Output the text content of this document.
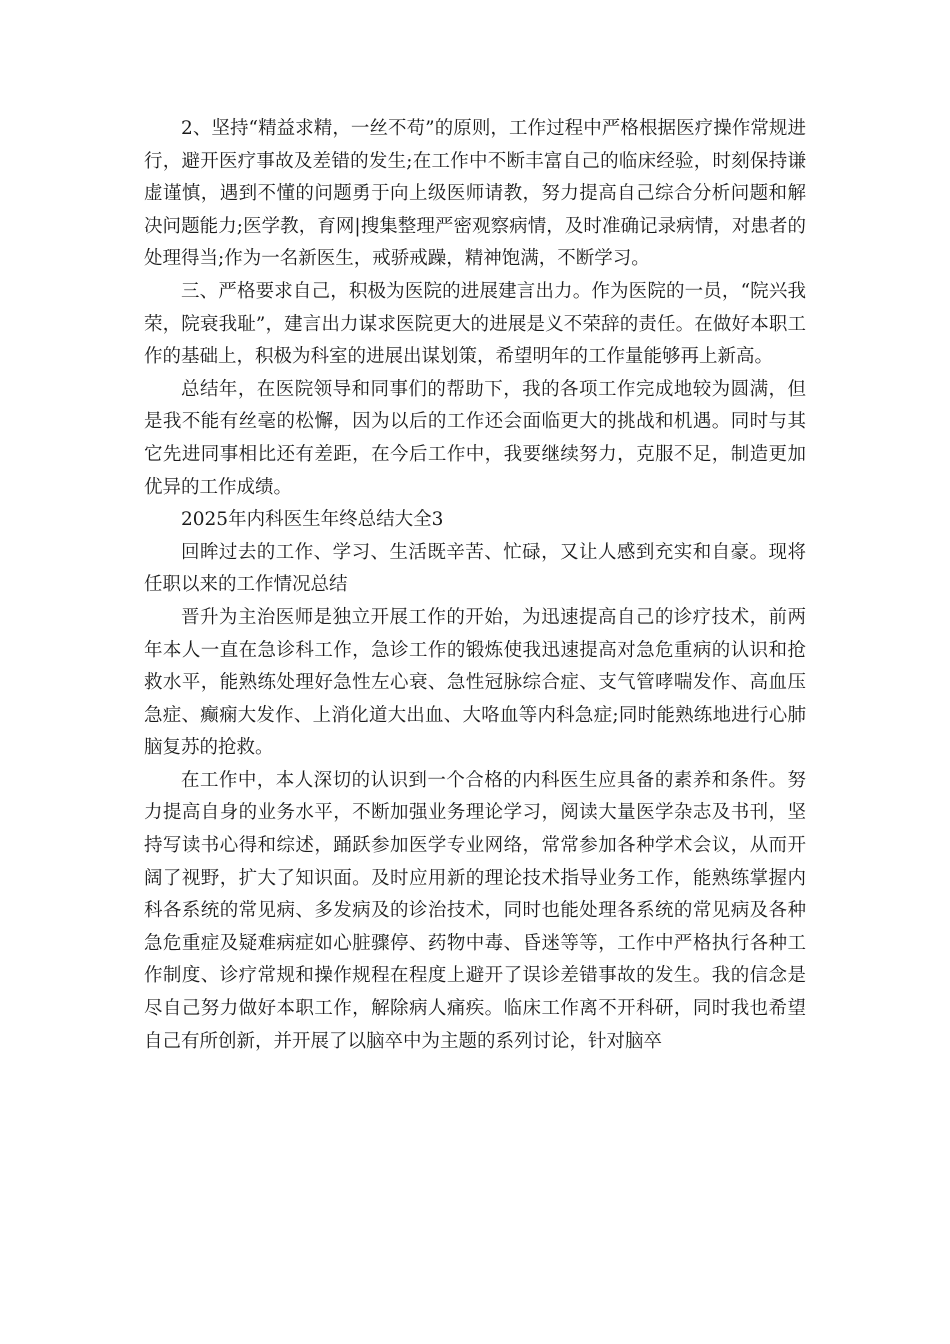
2、坚持“精益求精，一丝不苟”的原则，工作过程中严格根据医疗操作常规进行，避开医疗事故及差错的发生;在工作中不断丰富自己的临床经验，时刻保持谦虚谨慎，遇到不懂的问题勇于向上级医师请教，努力提高自己综合分析问题和解决问题能力;医学教，育网|搜集整理严密观察病情，及时准确记录病情，对患者的处理得当;作为一名新医生，戒骄戒躁，精神饱满，不断学习。

三、严格要求自己，积极为医院的进展建言出力。作为医院的一员，“院兴我荣，院衰我耻”，建言出力谋求医院更大的进展是义不荣辞的责任。在做好本职工作的基础上，积极为科室的进展出谋划策，希望明年的工作量能够再上新高。

总结年，在医院领导和同事们的帮助下，我的各项工作完成地较为圆满，但是我不能有丝毫的松懈，因为以后的工作还会面临更大的挑战和机遇。同时与其它先进同事相比还有差距，在今后工作中，我要继续努力，克服不足，制造更加优异的工作成绩。

2025年内科医生年终总结大全3

回眸过去的工作、学习、生活既辛苦、忙碌，又让人感到充实和自豪。现将任职以来的工作情况总结

晋升为主治医师是独立开展工作的开始，为迅速提高自己的诊疗技术，前两年本人一直在急诊科工作，急诊工作的锻炼使我迅速提高对急危重病的认识和抢救水平，能熟练处理好急性左心衰、急性冠脉综合症、支气管哮喘发作、高血压急症、癫痫大发作、上消化道大出血、大咯血等内科急症;同时能熟练地进行心肺脑复苏的抢救。

在工作中，本人深切的认识到一个合格的内科医生应具备的素养和条件。努力提高自身的业务水平，不断加强业务理论学习，阅读大量医学杂志及书刊，坚持写读书心得和综述，踊跃参加医学专业网络，常常参加各种学术会议，从而开阔了视野，扩大了知识面。及时应用新的理论技术指导业务工作，能熟练掌握内科各系统的常见病、多发病及的诊治技术，同时也能处理各系统的常见病及各种急危重症及疑难病症如心脏骤停、药物中毒、昏迷等等，工作中严格执行各种工作制度、诊疗常规和操作规程在程度上避开了误诊差错事故的发生。我的信念是尽自己努力做好本职工作，解除病人痛疾。临床工作离不开科研，同时我也希望自己有所创新，并开展了以脑卒中为主题的系列讨论，针对脑卒
